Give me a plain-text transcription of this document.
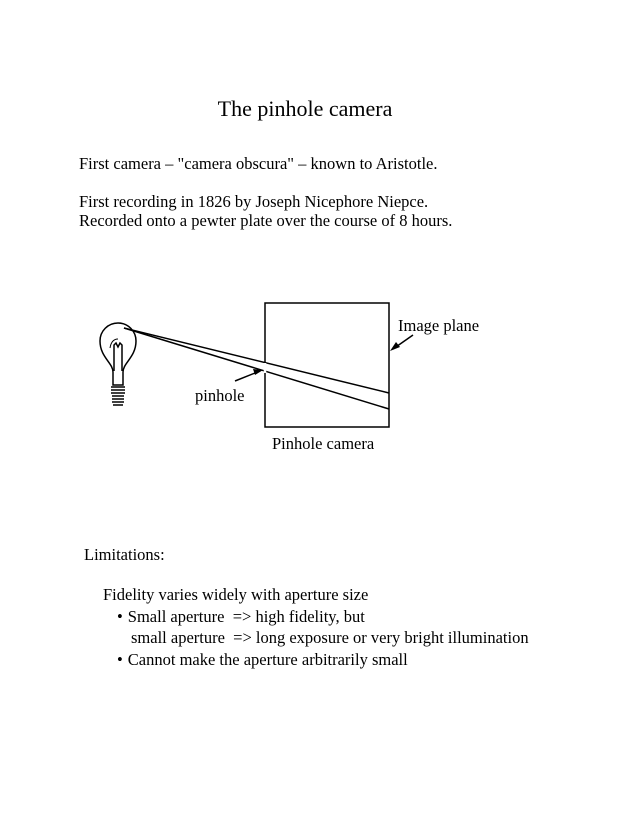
The pinhole camera
First camera – "camera obscura" – known to Aristotle.
First recording in 1826 by Joseph Nicephore Niepce.
Recorded onto a pewter plate over the course of 8 hours.
Image plane
pinhole
Pinhole camera
Limitations:
Fidelity varies widely with aperture size
• Small aperture  => high fidelity, but
small aperture  => long exposure or very bright illumination
• Cannot make the aperture arbitrarily small
